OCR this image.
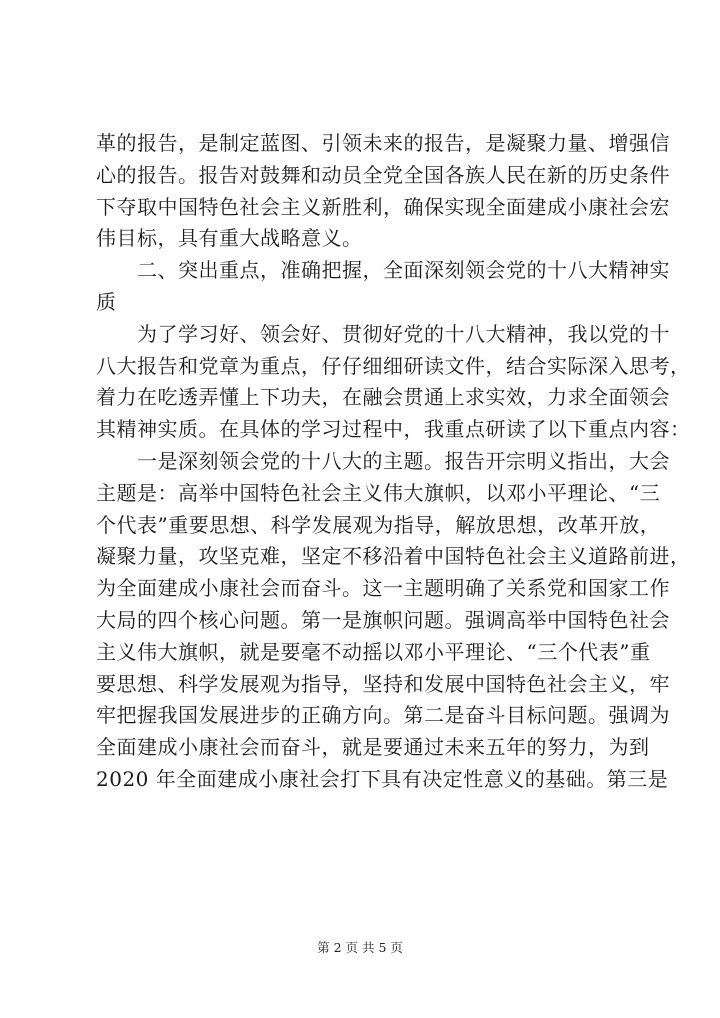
革的报告，是制定蓝图、引领未来的报告，是凝聚力量、增强信
心的报告。报告对鼓舞和动员全党全国各族人民在新的历史条件
下夺取中国特色社会主义新胜利，确保实现全面建成小康社会宏
伟目标，具有重大战略意义。
　　二、突出重点，准确把握，全面深刻领会党的十八大精神实
质
　　为了学习好、领会好、贯彻好党的十八大精神，我以党的十
八大报告和党章为重点，仔仔细细研读文件，结合实际深入思考，
着力在吃透弄懂上下功夫，在融会贯通上求实效，力求全面领会
其精神实质。在具体的学习过程中，我重点研读了以下重点内容：
　　一是深刻领会党的十八大的主题。报告开宗明义指出，大会
主题是：高举中国特色社会主义伟大旗帜，以邓小平理论、“三
个代表”重要思想、科学发展观为指导，解放思想，改革开放，
凝聚力量，攻坚克难，坚定不移沿着中国特色社会主义道路前进，
为全面建成小康社会而奋斗。这一主题明确了关系党和国家工作
大局的四个核心问题。第一是旗帜问题。强调高举中国特色社会
主义伟大旗帜，就是要毫不动摇以邓小平理论、“三个代表”重
要思想、科学发展观为指导，坚持和发展中国特色社会主义，牢
牢把握我国发展进步的正确方向。第二是奋斗目标问题。强调为
全面建成小康社会而奋斗，就是要通过未来五年的努力，为到
2020 年全面建成小康社会打下具有决定性意义的基础。第三是
第 2 页 共 5 页
